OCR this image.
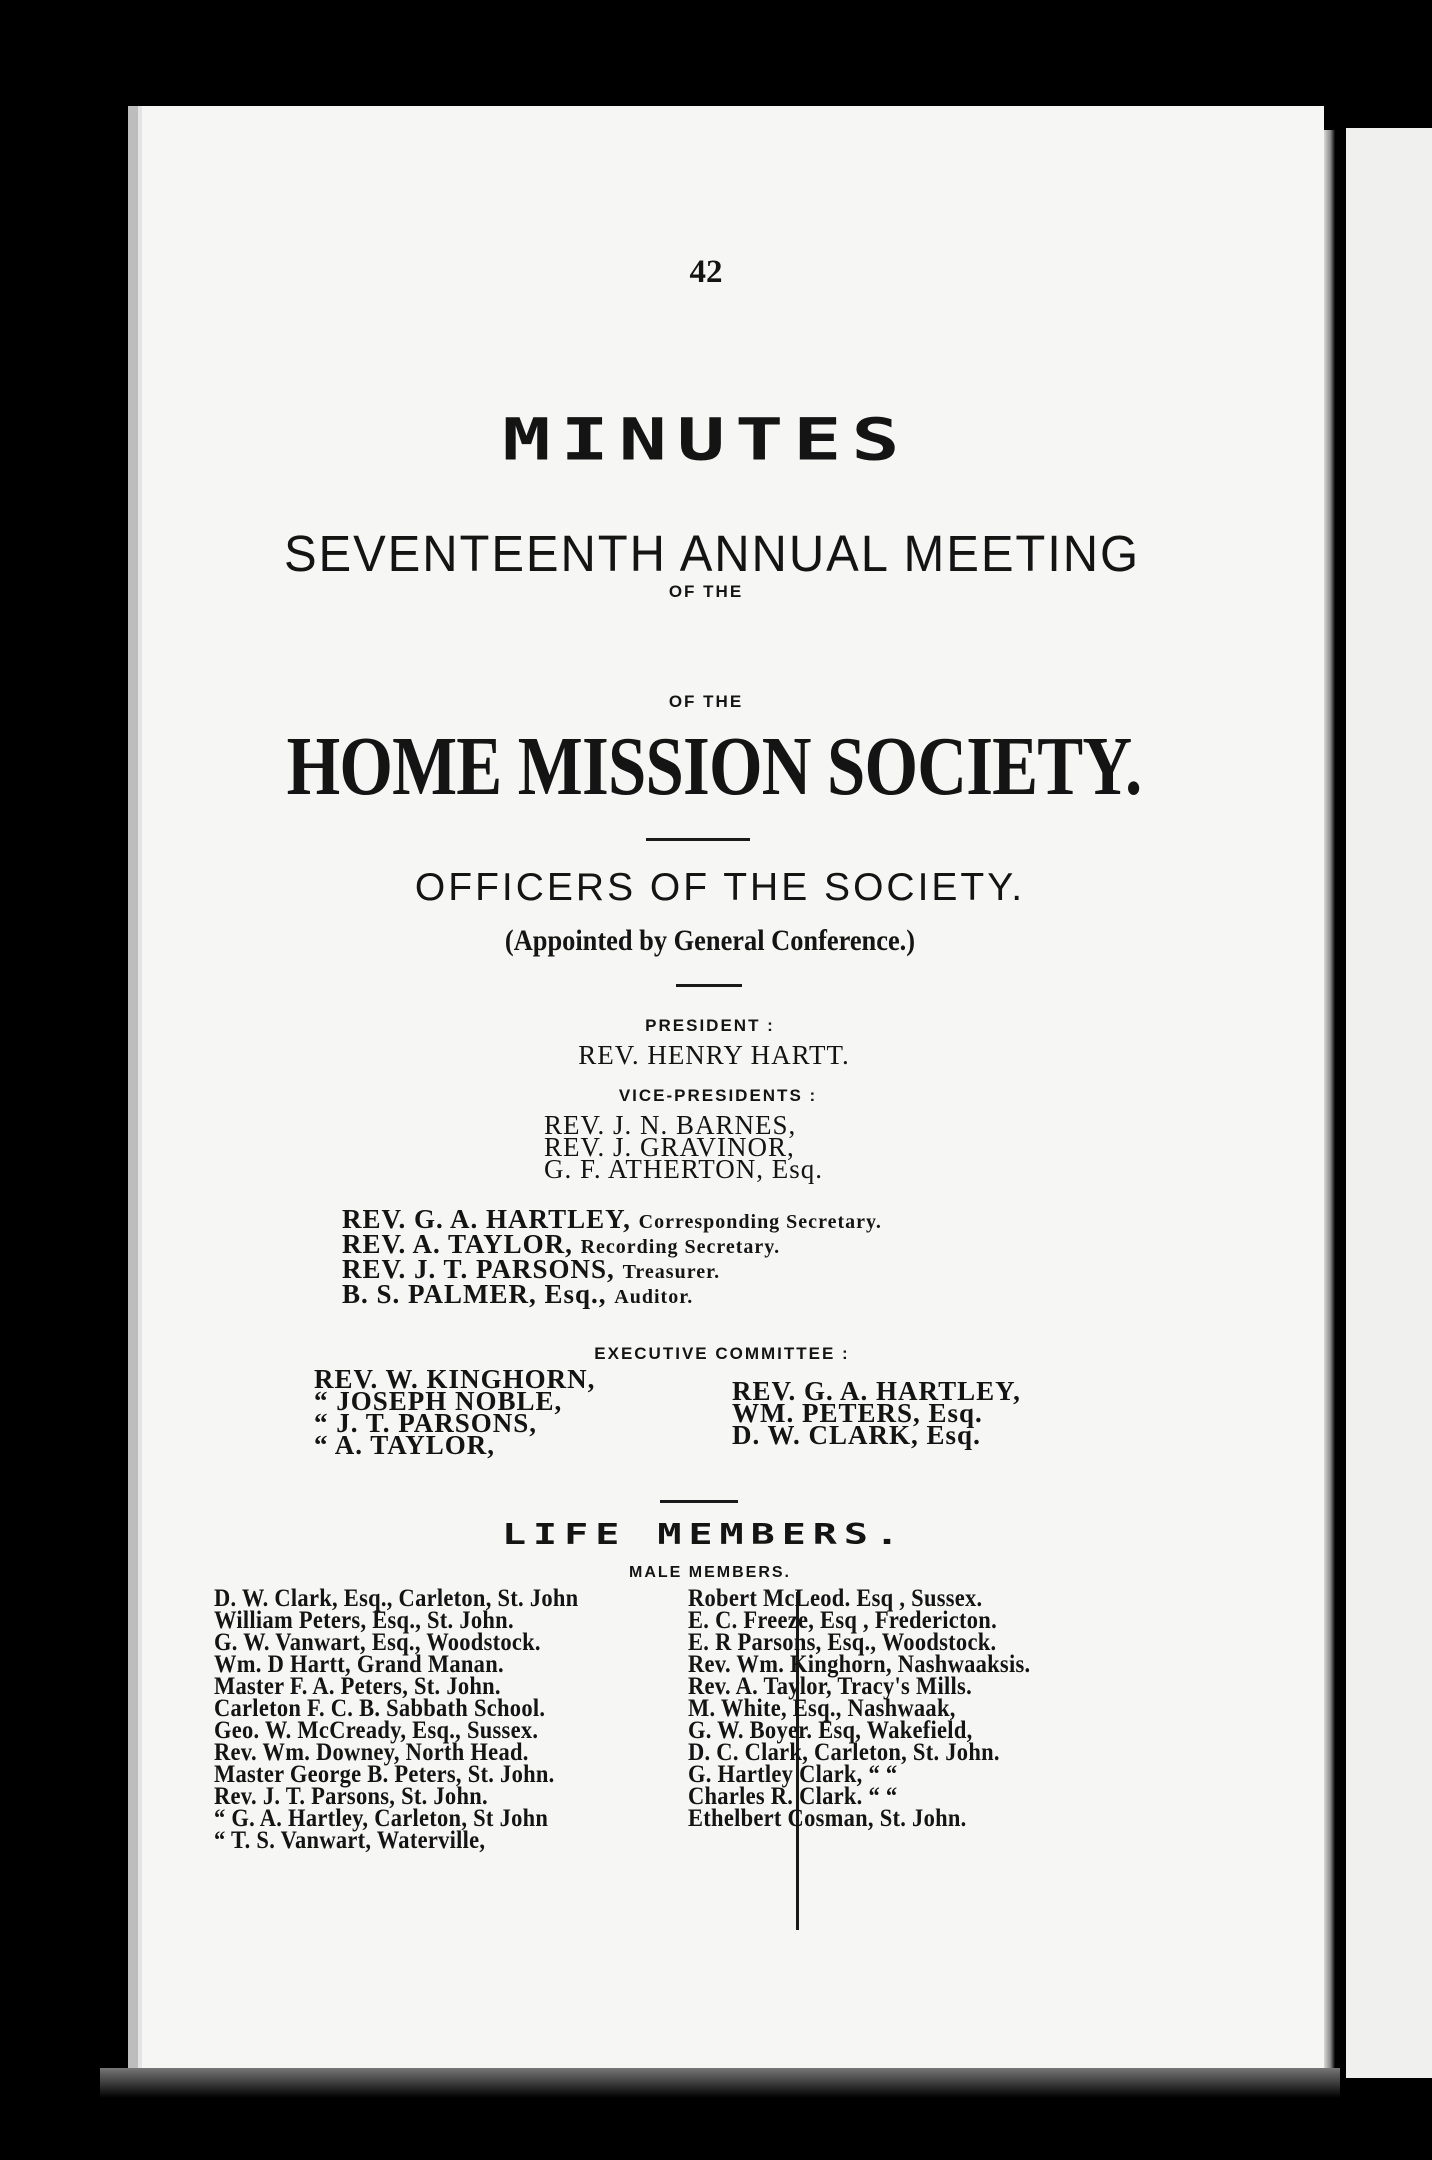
42
MINUTES
OF THE
SEVENTEENTH ANNUAL MEETING
OF THE
HOME MISSION SOCIETY.
OFFICERS OF THE SOCIETY.
(Appointed by General Conference.)
PRESIDENT :
REV. HENRY HARTT.
VICE-PRESIDENTS :
REV. J. N. BARNES,
REV. J. GRAVINOR,
G. F. ATHERTON, Esq.
REV. G. A. HARTLEY, Corresponding Secretary.
REV. A. TAYLOR, Recording Secretary.
REV. J. T. PARSONS, Treasurer.
B. S. PALMER, Esq., Auditor.
EXECUTIVE COMMITTEE :
REV. W. KINGHORN,
“ JOSEPH NOBLE,
“ J. T. PARSONS,
“ A. TAYLOR,
REV. G. A. HARTLEY,
WM. PETERS, Esq.
D. W. CLARK, Esq.
LIFE MEMBERS.
MALE MEMBERS.
D. W. Clark, Esq., Carleton, St. John
William Peters, Esq., St. John.
G. W. Vanwart, Esq., Woodstock.
Wm. D Hartt, Grand Manan.
Master F. A. Peters, St. John.
Carleton F. C. B. Sabbath School.
Geo. W. McCready, Esq., Sussex.
Rev. Wm. Downey, North Head.
Master George B. Peters, St. John.
Rev. J. T. Parsons, St. John.
“ G. A. Hartley, Carleton, St John
“ T. S. Vanwart, Waterville,
Robert McLeod. Esq , Sussex.
E. C. Freeze, Esq , Fredericton.
E. R Parsons, Esq., Woodstock.
Rev. Wm. Kinghorn, Nashwaaksis.
Rev. A. Taylor, Tracy's Mills.
M. White, Esq., Nashwaak,
G. W. Boyer. Esq, Wakefield,
D. C. Clark, Carleton, St. John.
G. Hartley Clark, “ “
Charles R. Clark. “ “
Ethelbert Cosman, St. John.
